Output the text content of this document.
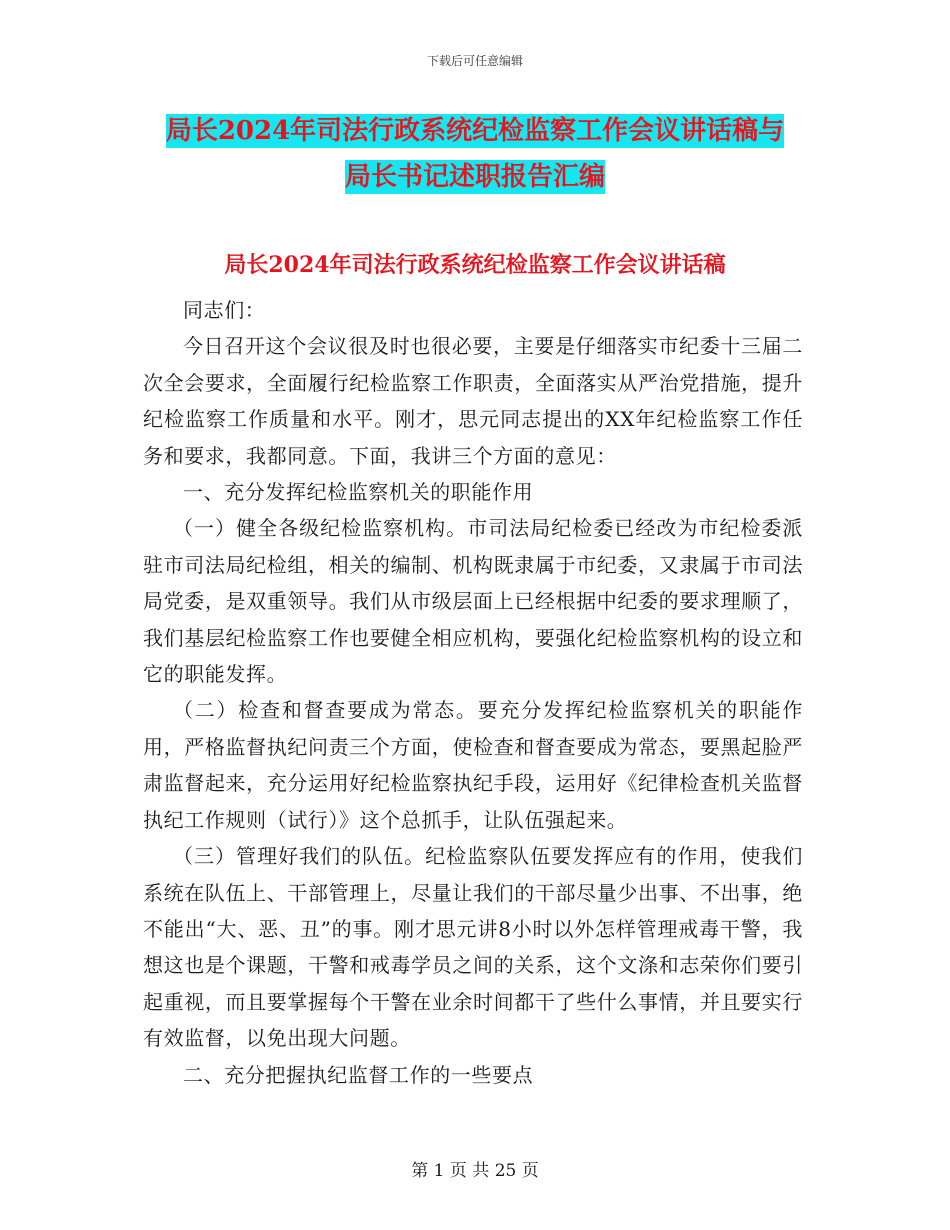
下载后可任意编辑
局长2024年司法行政系统纪检监察工作会议讲话稿与
局长书记述职报告汇编
局长2024年司法行政系统纪检监察工作会议讲话稿

同志们：

今日召开这个会议很及时也很必要，主要是仔细落实市纪委十三届二次全会要求，全面履行纪检监察工作职责，全面落实从严治党措施，提升纪检监察工作质量和水平。刚才，思元同志提出的XX年纪检监察工作任务和要求，我都同意。下面，我讲三个方面的意见：

一、充分发挥纪检监察机关的职能作用

（一）健全各级纪检监察机构。市司法局纪检委已经改为市纪检委派驻市司法局纪检组，相关的编制、机构既隶属于市纪委，又隶属于市司法局党委，是双重领导。我们从市级层面上已经根据中纪委的要求理顺了，我们基层纪检监察工作也要健全相应机构，要强化纪检监察机构的设立和它的职能发挥。

（二）检查和督查要成为常态。要充分发挥纪检监察机关的职能作用，严格监督执纪问责三个方面，使检查和督查要成为常态，要黑起脸严肃监督起来，充分运用好纪检监察执纪手段，运用好《纪律检查机关监督执纪工作规则（试行）》这个总抓手，让队伍强起来。

（三）管理好我们的队伍。纪检监察队伍要发挥应有的作用，使我们系统在队伍上、干部管理上，尽量让我们的干部尽量少出事、不出事，绝不能出“大、恶、丑”的事。刚才思元讲8小时以外怎样管理戒毒干警，我想这也是个课题，干警和戒毒学员之间的关系，这个文涤和志荣你们要引起重视，而且要掌握每个干警在业余时间都干了些什么事情，并且要实行有效监督，以免出现大问题。

二、充分把握执纪监督工作的一些要点

第 1 页 共 25 页
